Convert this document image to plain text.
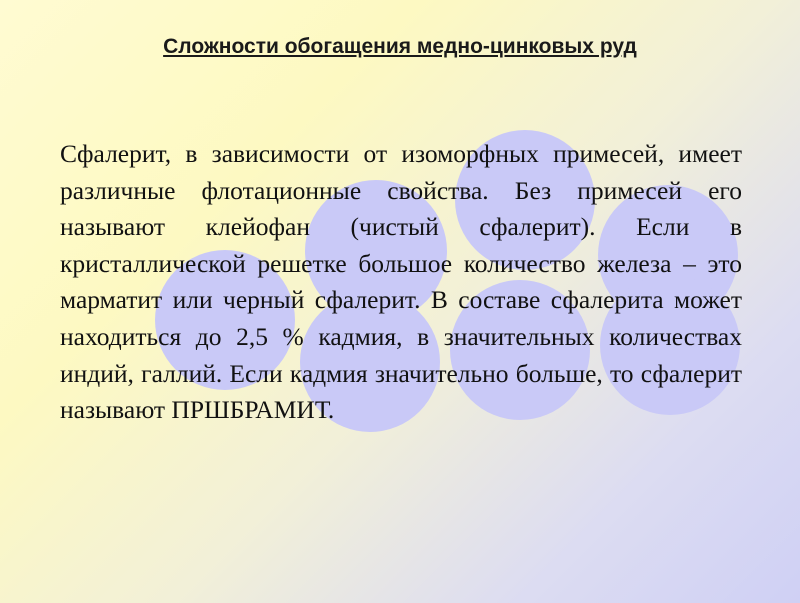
Сложности обогащения медно-цинковых руд

Сфалерит, в зависимости от изоморфных примесей, имеет различные флотационные свойства. Без примесей его называют клейофан (чистый сфалерит). Если в кристаллической решетке большое количество железа – это марматит или черный сфалерит. В составе сфалерита может находиться до 2,5 % кадмия, в значительных количествах индий, галлий. Если кадмия значительно больше, то сфалерит называют ПРШБРАМИТ.
